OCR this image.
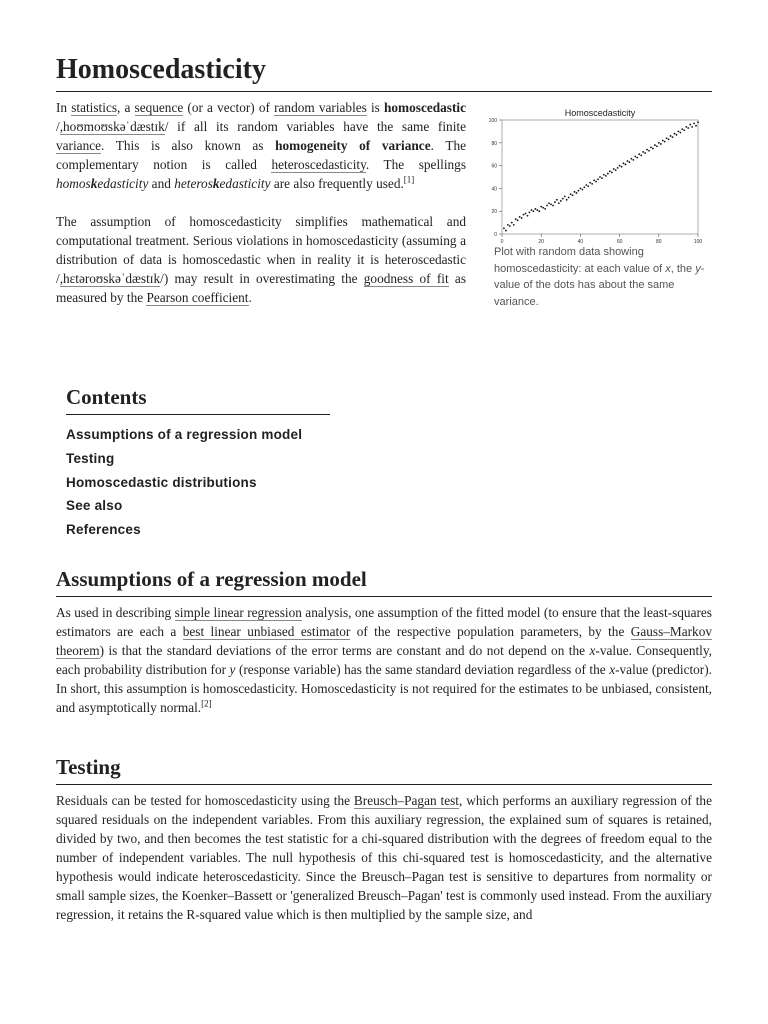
Homoscedasticity

In statistics, a sequence (or a vector) of random variables is homoscedastic /,hoʊmoʊskəˈdæstɪk/ if all its random variables have the same finite variance. This is also known as homogeneity of variance. The complementary notion is called heteroscedasticity. The spellings homoskedasticity and heteroskedasticity are also frequently used.[1]

The assumption of homoscedasticity simplifies mathematical and computational treatment. Serious violations in homoscedasticity (assuming a distribution of data is homoscedastic when in reality it is heteroscedastic /,hɛtəroʊskəˈdæstɪk/) may result in overestimating the goodness of fit as measured by the Pearson coefficient.

Homoscedasticity
0
20
40
60
80
100
0	20	40	60	80	100
Plot with random data showing homoscedasticity: at each value of x, the y-value of the dots has about the same variance.
Contents
Assumptions of a regression model
Testing
Homoscedastic distributions
See also
References
Assumptions of a regression model

As used in describing simple linear regression analysis, one assumption of the fitted model (to ensure that the least-squares estimators are each a best linear unbiased estimator of the respective population parameters, by the Gauss–Markov theorem) is that the standard deviations of the error terms are constant and do not depend on the x-value. Consequently, each probability distribution for y (response variable) has the same standard deviation regardless of the x-value (predictor). In short, this assumption is homoscedasticity. Homoscedasticity is not required for the estimates to be unbiased, consistent, and asymptotically normal.[2]

Testing

Residuals can be tested for homoscedasticity using the Breusch–Pagan test, which performs an auxiliary regression of the squared residuals on the independent variables. From this auxiliary regression, the explained sum of squares is retained, divided by two, and then becomes the test statistic for a chi-squared distribution with the degrees of freedom equal to the number of independent variables. The null hypothesis of this chi-squared test is homoscedasticity, and the alternative hypothesis would indicate heteroscedasticity. Since the Breusch–Pagan test is sensitive to departures from normality or small sample sizes, the Koenker–Bassett or 'generalized Breusch–Pagan' test is commonly used instead. From the auxiliary regression, it retains the R-squared value which is then multiplied by the sample size, and
